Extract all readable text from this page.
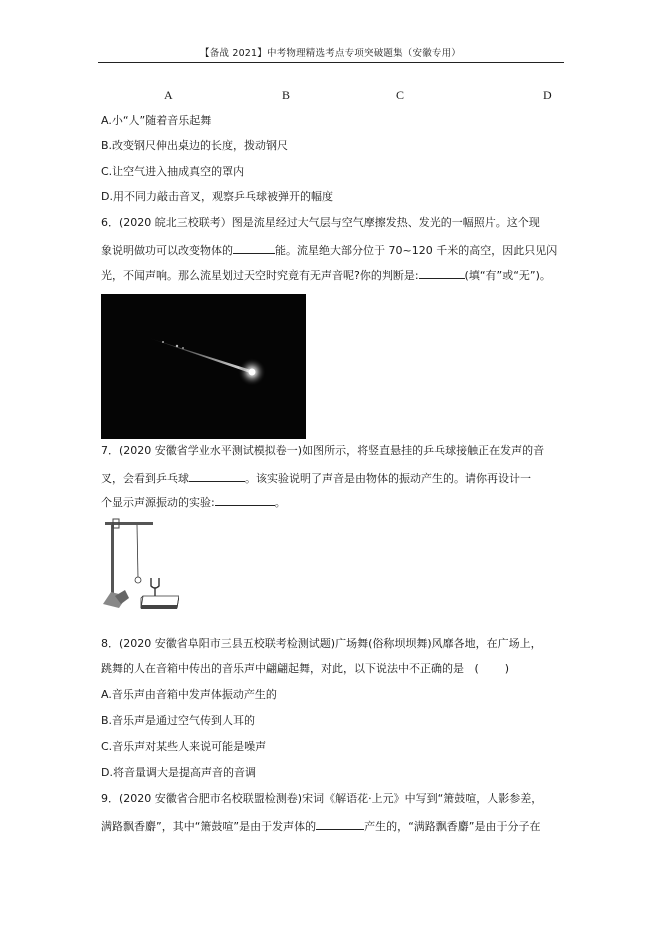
【备战 2021】中考物理精选考点专项突破题集（安徽专用）
A	B	C	D
A.小“人”随着音乐起舞
B.改变钢尺伸出桌边的长度，拨动钢尺
C.让空气进入抽成真空的罩内
D.用不同力敲击音叉，观察乒乓球被弹开的幅度
6．(2020 皖北三校联考）图是流星经过大气层与空气摩擦发热、发光的一幅照片。这个现
象说明做功可以改变物体的	能。流星绝大部分位于 70~120 千米的高空，因此只见闪
光，不闻声响。那么流星划过天空时究竟有无声音呢?你的判断是:	(填“有”或“无”)。
7．(2020 安徽省学业水平测试模拟卷一)如图所示，将竖直悬挂的乒乓球接触正在发声的音
叉，会看到乒乓球	。该实验说明了声音是由物体的振动产生的。请你再设计一
个显示声源振动的实验:	。
8．(2020 安徽省阜阳市三县五校联考检测试题)广场舞(俗称坝坝舞)风靡各地，在广场上，
跳舞的人在音箱中传出的音乐声中翩翩起舞，对此，以下说法中不正确的是 ( )
A.音乐声由音箱中发声体振动产生的
B.音乐声是通过空气传到人耳的
C.音乐声对某些人来说可能是噪声
D.将音量调大是提高声音的音调
9．(2020 安徽省合肥市名校联盟检测卷)宋词《解语花·上元》中写到“箫鼓喧，人影参差，
满路飘香麝”，其中“箫鼓喧”是由于发声体的	产生的，“满路飘香麝”是由于分子在
